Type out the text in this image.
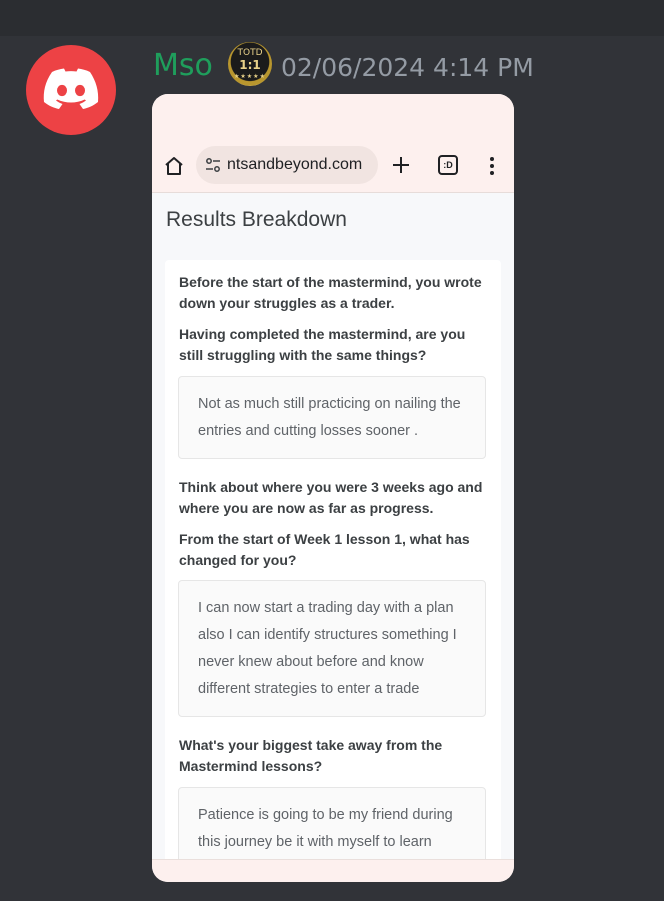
Mso	TOTD
1:1
★★★★★ 02/06/2024 4:14 PM
ntsandbeyond.com	:D
Results Breakdown
Before the start of the mastermind, you wrote down your struggles as a trader.
Having completed the mastermind, are you still struggling with the same things?

Not as much still practicing on nailing the entries and cutting losses sooner .

Think about where you were 3 weeks ago and where you are now as far as progress.
From the start of Week 1 lesson 1, what has changed for you?

I can now start a trading day with a plan also I can identify structures something I never knew about before and know different strategies to enter a trade

What's your biggest take away from the Mastermind lessons?

Patience is going to be my friend during this journey be it with myself to learn
